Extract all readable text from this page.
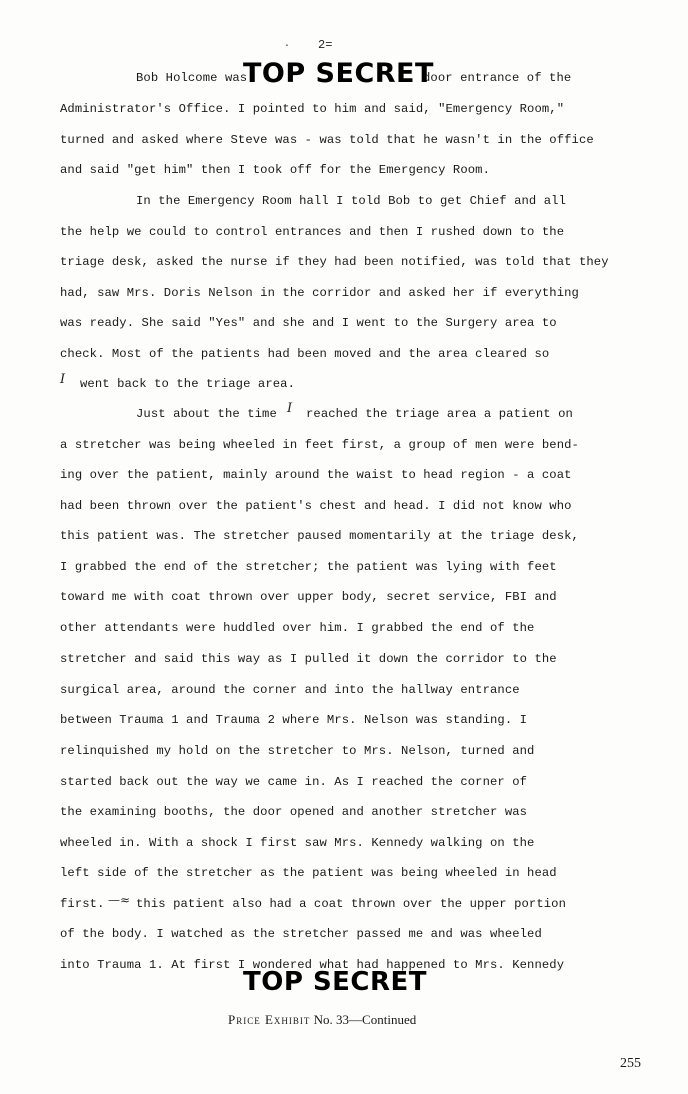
· 2=
Bob Holcome was	door entrance of the
TOP SECRET
Administrator's Office. I pointed to him and said, "Emergency Room,"
turned and asked where Steve was - was told that he wasn't in the office
and said "get him" then I took off for the Emergency Room.
In the Emergency Room hall I told Bob to get Chief and all
the help we could to control entrances and then I rushed down to the
triage desk, asked the nurse if they had been notified, was told that they
had, saw Mrs. Doris Nelson in the corridor and asked her if everything
was ready. She said "Yes" and she and I went to the Surgery area to
check. Most of the patients had been moved and the area cleared so
I went back to the triage area.
Just about the time I reached the triage area a patient on
a stretcher was being wheeled in feet first, a group of men were bend-
ing over the patient, mainly around the waist to head region - a coat
had been thrown over the patient's chest and head. I did not know who
this patient was. The stretcher paused momentarily at the triage desk,
I grabbed the end of the stretcher; the patient was lying with feet
toward me with coat thrown over upper body, secret service, FBI and
other attendants were huddled over him. I grabbed the end of the
stretcher and said this way as I pulled it down the corridor to the
surgical area, around the corner and into the hallway entrance
between Trauma 1 and Trauma 2 where Mrs. Nelson was standing. I
relinquished my hold on the stretcher to Mrs. Nelson, turned and
started back out the way we came in. As I reached the corner of
the examining booths, the door opened and another stretcher was
wheeled in. With a shock I first saw Mrs. Kennedy walking on the
left side of the stretcher as the patient was being wheeled in head
first. —≈ this patient also had a coat thrown over the upper portion
of the body. I watched as the stretcher passed me and was wheeled
into Trauma 1. At first I wondered what had happened to Mrs. Kennedy
TOP SECRET
Price Exhibit No. 33—Continued
255
